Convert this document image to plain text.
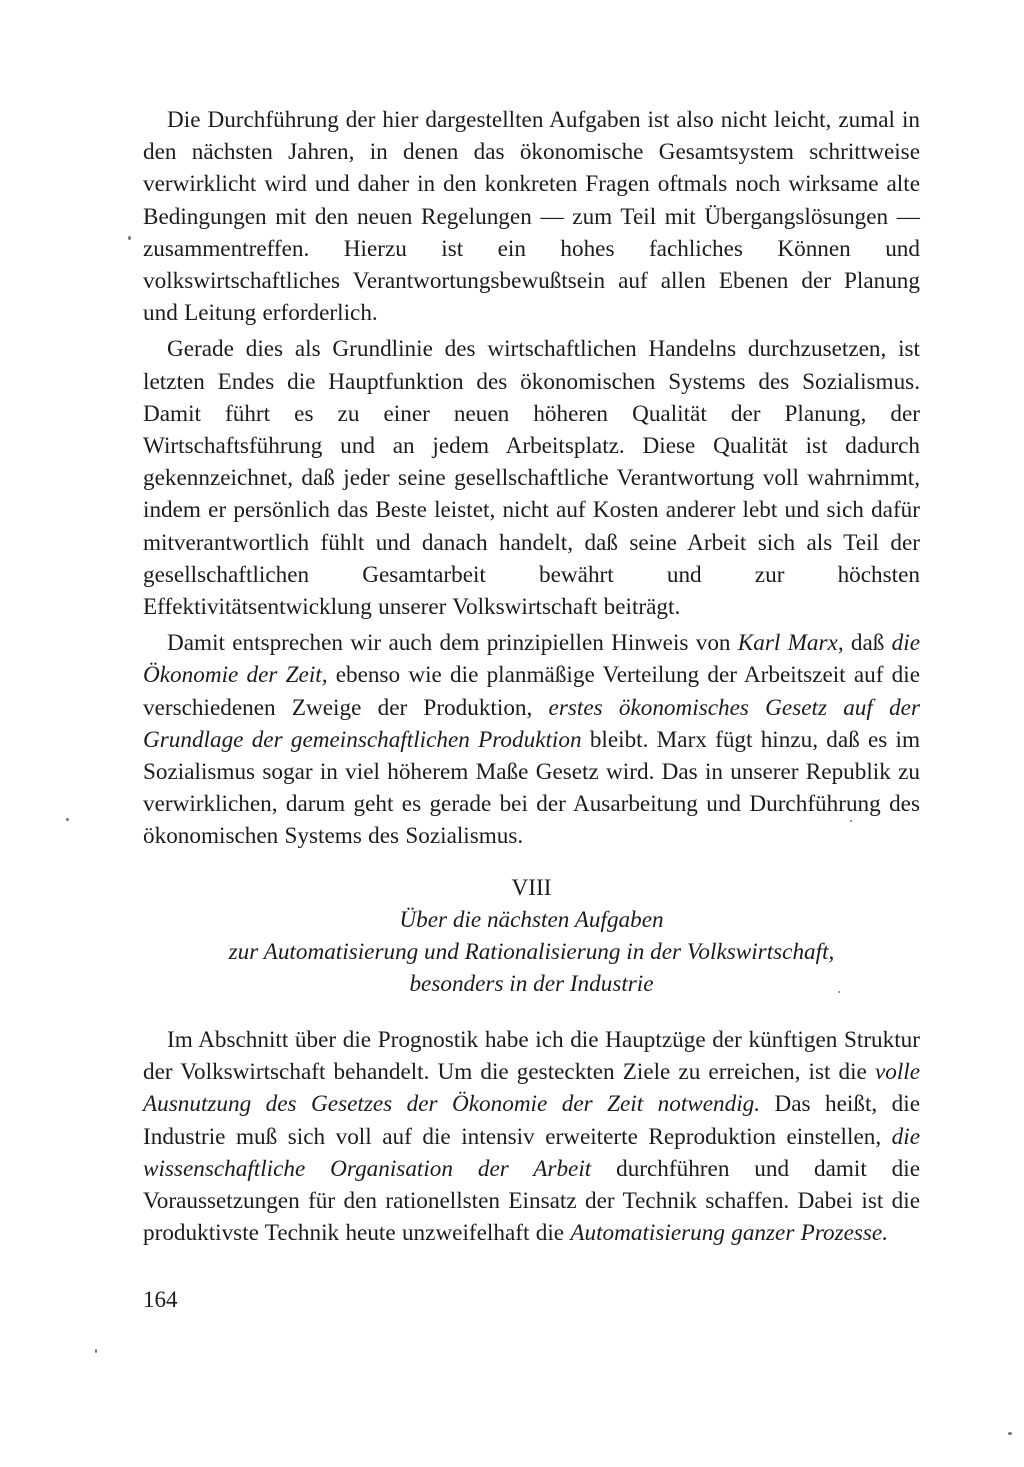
Die Durchführung der hier dargestellten Aufgaben ist also nicht leicht, zumal in den nächsten Jahren, in denen das ökonomische Gesamtsystem schrittweise verwirklicht wird und daher in den konkreten Fragen oftmals noch wirksame alte Bedingungen mit den neuen Regelungen — zum Teil mit Übergangslösungen — zusammentreffen. Hierzu ist ein hohes fachliches Können und volkswirtschaftliches Verantwortungsbewußtsein auf allen Ebenen der Planung und Leitung erforderlich.

Gerade dies als Grundlinie des wirtschaftlichen Handelns durchzusetzen, ist letzten Endes die Hauptfunktion des ökonomischen Systems des Sozialismus. Damit führt es zu einer neuen höheren Qualität der Planung, der Wirtschaftsführung und an jedem Arbeitsplatz. Diese Qualität ist dadurch gekennzeichnet, daß jeder seine gesellschaftliche Verantwortung voll wahrnimmt, indem er persönlich das Beste leistet, nicht auf Kosten anderer lebt und sich dafür mitverantwortlich fühlt und danach handelt, daß seine Arbeit sich als Teil der gesellschaftlichen Gesamtarbeit bewährt und zur höchsten Effektivitätsentwicklung unserer Volkswirtschaft beiträgt.

Damit entsprechen wir auch dem prinzipiellen Hinweis von Karl Marx, daß die Ökonomie der Zeit, ebenso wie die planmäßige Verteilung der Arbeitszeit auf die verschiedenen Zweige der Produktion, erstes ökonomisches Gesetz auf der Grundlage der gemeinschaftlichen Produktion bleibt. Marx fügt hinzu, daß es im Sozialismus sogar in viel höherem Maße Gesetz wird. Das in unserer Republik zu verwirklichen, darum geht es gerade bei der Ausarbeitung und Durchführung des ökonomischen Systems des Sozialismus.

VIII
Über die nächsten Aufgaben
zur Automatisierung und Rationalisierung in der Volkswirtschaft,
besonders in der Industrie

Im Abschnitt über die Prognostik habe ich die Hauptzüge der künftigen Struktur der Volkswirtschaft behandelt. Um die gesteckten Ziele zu erreichen, ist die volle Ausnutzung des Gesetzes der Ökonomie der Zeit notwendig. Das heißt, die Industrie muß sich voll auf die intensiv erweiterte Reproduktion einstellen, die wissenschaftliche Organisation der Arbeit durchführen und damit die Voraussetzungen für den rationellsten Einsatz der Technik schaffen. Dabei ist die produktivste Technik heute unzweifelhaft die Automatisierung ganzer Prozesse.

164
